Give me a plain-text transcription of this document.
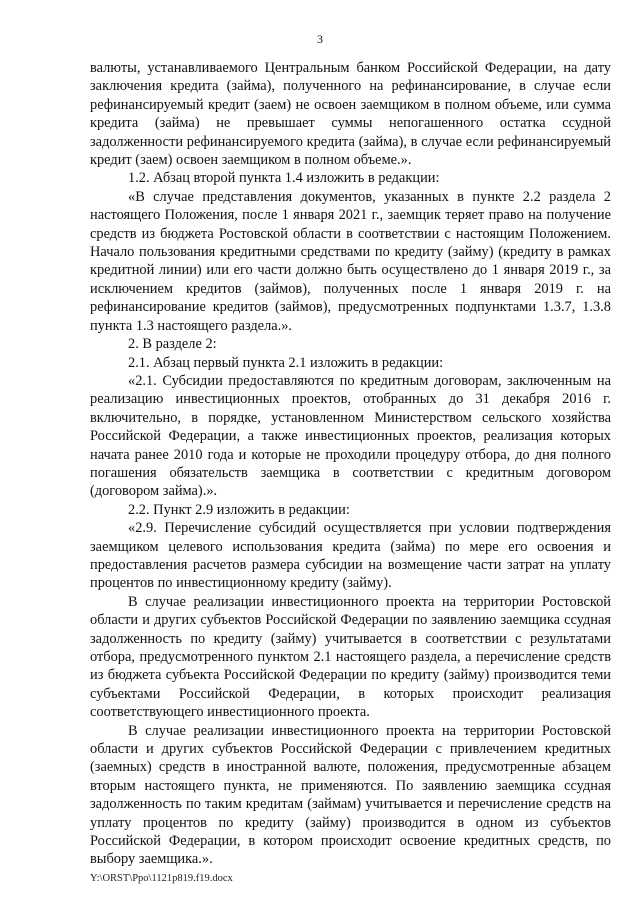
3

валюты, устанавливаемого Центральным банком Российской Федерации, на дату заключения кредита (займа), полученного на рефинансирование, в случае если рефинансируемый кредит (заем) не освоен заемщиком в полном объеме, или сумма кредита (займа) не превышает суммы непогашенного остатка ссудной задолженности рефинансируемого кредита (займа), в случае если рефинансируемый кредит (заем) освоен заемщиком в полном объеме.».

1.2. Абзац второй пункта 1.4 изложить в редакции:

«В случае представления документов, указанных в пункте 2.2 раздела 2 настоящего Положения, после 1 января 2021 г., заемщик теряет право на получение средств из бюджета Ростовской области в соответствии с настоящим Положением. Начало пользования кредитными средствами по кредиту (займу) (кредиту в рамках кредитной линии) или его части должно быть осуществлено до 1 января 2019 г., за исключением кредитов (займов), полученных после 1 января 2019 г. на рефинансирование кредитов (займов), предусмотренных подпунктами 1.3.7, 1.3.8 пункта 1.3 настоящего раздела.».

2. В разделе 2:

2.1. Абзац первый пункта 2.1 изложить в редакции:

«2.1. Субсидии предоставляются по кредитным договорам, заключенным на реализацию инвестиционных проектов, отобранных до 31 декабря 2016 г. включительно, в порядке, установленном Министерством сельского хозяйства Российской Федерации, а также инвестиционных проектов, реализация которых начата ранее 2010 года и которые не проходили процедуру отбора, до дня полного погашения обязательств заемщика в соответствии с кредитным договором (договором займа).».

2.2. Пункт 2.9 изложить в редакции:

«2.9. Перечисление субсидий осуществляется при условии подтверждения заемщиком целевого использования кредита (займа) по мере его освоения и предоставления расчетов размера субсидии на возмещение части затрат на уплату процентов по инвестиционному кредиту (займу).

В случае реализации инвестиционного проекта на территории Ростовской области и других субъектов Российской Федерации по заявлению заемщика ссудная задолженность по кредиту (займу) учитывается в соответствии с результатами отбора, предусмотренного пунктом 2.1 настоящего раздела, а перечисление средств из бюджета субъекта Российской Федерации по кредиту (займу) производится теми субъектами Российской Федерации, в которых происходит реализация соответствующего инвестиционного проекта.

В случае реализации инвестиционного проекта на территории Ростовской области и других субъектов Российской Федерации с привлечением кредитных (заемных) средств в иностранной валюте, положения, предусмотренные абзацем вторым настоящего пункта, не применяются. По заявлению заемщика ссудная задолженность по таким кредитам (займам) учитывается и перечисление средств на уплату процентов по кредиту (займу) производится в одном из субъектов Российской Федерации, в котором происходит освоение кредитных средств, по выбору заемщика.».

Y:\ORST\Ppo\1121p819.f19.docx
